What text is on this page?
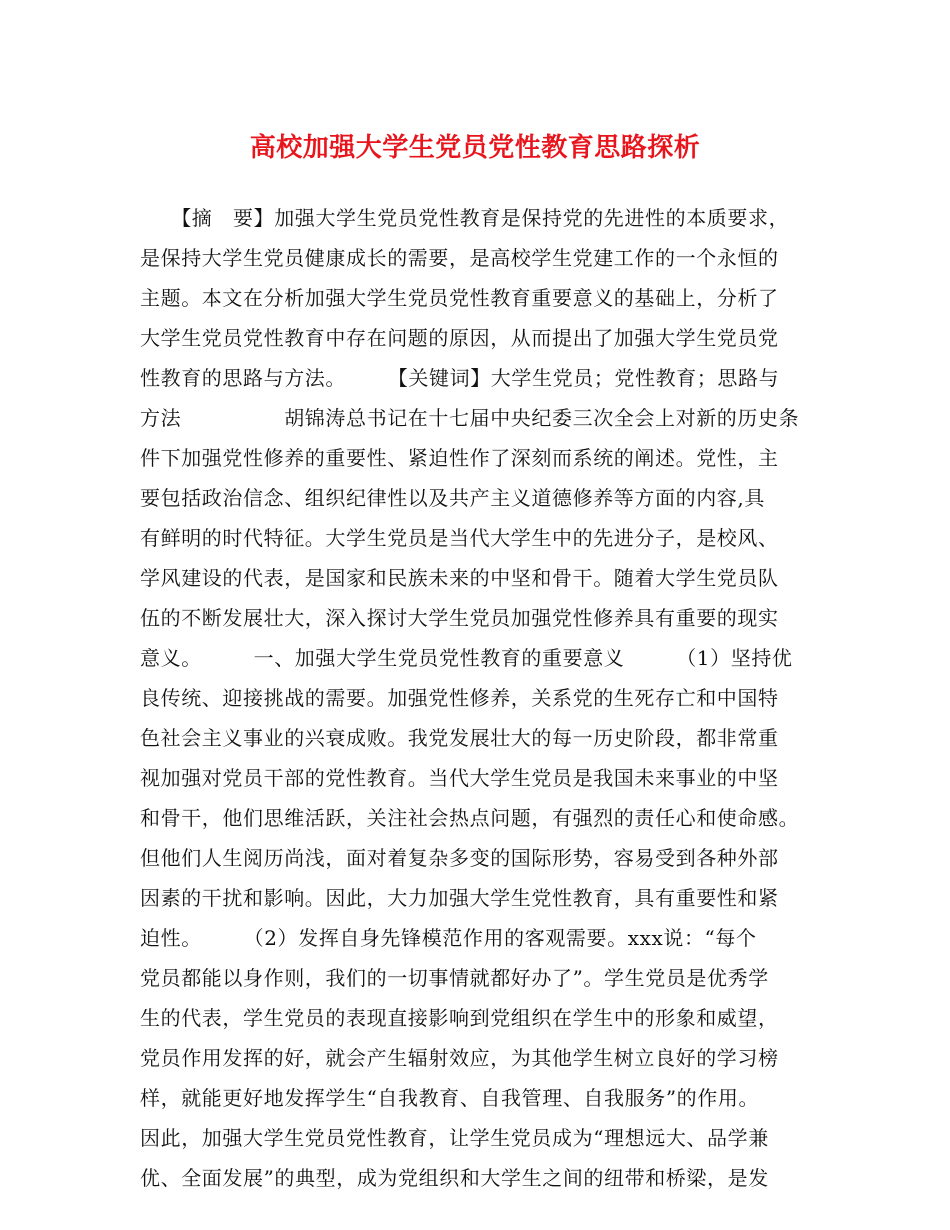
高校加强大学生党员党性教育思路探析
　　【摘　要】加强大学生党员党性教育是保持党的先进性的本质要求，
是保持大学生党员健康成长的需要，是高校学生党建工作的一个永恒的
主题。本文在分析加强大学生党员党性教育重要意义的基础上，分析了
大学生党员党性教育中存在问题的原因，从而提出了加强大学生党员党
性教育的思路与方法。　　　【关键词】大学生党员；党性教育；思路与
方法　　　　　胡锦涛总书记在十七届中央纪委三次全会上对新的历史条
件下加强党性修养的重要性、紧迫性作了深刻而系统的阐述。党性，主
要包括政治信念、组织纪律性以及共产主义道德修养等方面的内容,具
有鲜明的时代特征。大学生党员是当代大学生中的先进分子，是校风、
学风建设的代表，是国家和民族未来的中坚和骨干。随着大学生党员队
伍的不断发展壮大，深入探讨大学生党员加强党性修养具有重要的现实
意义。　　　一、加强大学生党员党性教育的重要意义　　　（1）坚持优
良传统、迎接挑战的需要。加强党性修养，关系党的生死存亡和中国特
色社会主义事业的兴衰成败。我党发展壮大的每一历史阶段，都非常重
视加强对党员干部的党性教育。当代大学生党员是我国未来事业的中坚
和骨干，他们思维活跃，关注社会热点问题，有强烈的责任心和使命感。
但他们人生阅历尚浅，面对着复杂多变的国际形势，容易受到各种外部
因素的干扰和影响。因此，大力加强大学生党性教育，具有重要性和紧
迫性。　　　（2）发挥自身先锋模范作用的客观需要。xxx说：“每个
党员都能以身作则，我们的一切事情就都好办了”。学生党员是优秀学
生的代表，学生党员的表现直接影响到党组织在学生中的形象和威望，
党员作用发挥的好，就会产生辐射效应，为其他学生树立良好的学习榜
样，就能更好地发挥学生“自我教育、自我管理、自我服务”的作用。
因此，加强大学生党员党性教育，让学生党员成为“理想远大、品学兼
优、全面发展”的典型，成为党组织和大学生之间的纽带和桥梁，是发
